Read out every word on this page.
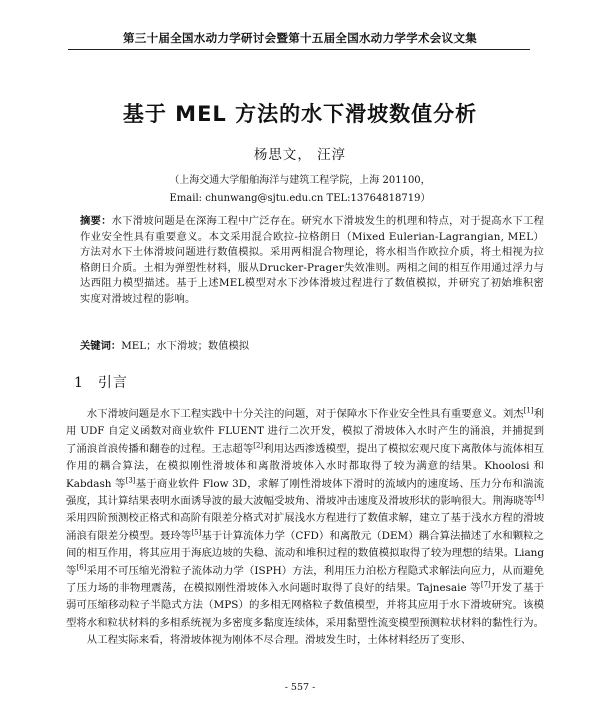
第三十届全国水动力学研讨会暨第十五届全国水动力学学术会议文集
基于 MEL 方法的水下滑坡数值分析
杨思文， 汪淳
（上海交通大学船舶海洋与建筑工程学院，上海 201100，
Email: chunwang@sjtu.edu.cn TEL:13764818719）
摘要：水下滑坡问题是在深海工程中广泛存在。研究水下滑坡发生的机理和特点，对于提高水下工程作业安全性具有重要意义。本文采用混合欧拉-拉格朗日（Mixed Eulerian-Lagrangian, MEL）方法对水下土体滑坡问题进行数值模拟。采用两相混合物理论，将水相当作欧拉介质，将土相视为拉格朗日介质。土相为弹塑性材料，服从Drucker-Prager失效准则。两相之间的相互作用通过浮力与达西阻力模型描述。基于上述MEL模型对水下沙体滑坡过程进行了数值模拟，并研究了初始堆积密实度对滑坡过程的影响。
关键词：MEL；水下滑坡；数值模拟
1 引言

水下滑坡问题是水下工程实践中十分关注的问题，对于保障水下作业安全性具有重要意义。刘杰[1]利用 UDF 自定义函数对商业软件 FLUENT 进行二次开发，模拟了滑坡体入水时产生的涌浪，并捕捉到了涌浪首浪传播和翻卷的过程。王志超等[2]利用达西渗透模型，提出了模拟宏观尺度下离散体与流体相互作用的耦合算法，在模拟刚性滑坡体和离散滑坡体入水时都取得了较为满意的结果。Khoolosi 和 Kabdash 等[3]基于商业软件 Flow 3D，求解了刚性滑坡体下滑时的流域内的速度场、压力分布和湍流强度，其计算结果表明水面诱导波的最大波幅受坡角、滑坡冲击速度及滑坡形状的影响很大。荆海晓等[4]采用四阶预测校正格式和高阶有限差分格式对扩展浅水方程进行了数值求解，建立了基于浅水方程的滑坡涌浪有限差分模型。聂玲等[5]基于计算流体力学（CFD）和离散元（DEM）耦合算法描述了水和颗粒之间的相互作用，将其应用于海底边坡的失稳、流动和堆积过程的数值模拟取得了较为理想的结果。Liang 等[6]采用不可压缩光滑粒子流体动力学（ISPH）方法，利用压力泊松方程隐式求解法向应力，从而避免了压力场的非物理震荡，在模拟刚性滑坡体入水问题时取得了良好的结果。Tajnesaie 等[7]开发了基于弱可压缩移动粒子半隐式方法（MPS）的多相无网格粒子数值模型，并将其应用于水下滑坡研究。该模型将水和粒状材料的多相系统视为多密度多黏度连续体，采用黏塑性流变模型预测粒状材料的黏性行为。

从工程实际来看，将滑坡体视为刚体不尽合理。滑坡发生时，土体材料经历了变形、

- 557 -
